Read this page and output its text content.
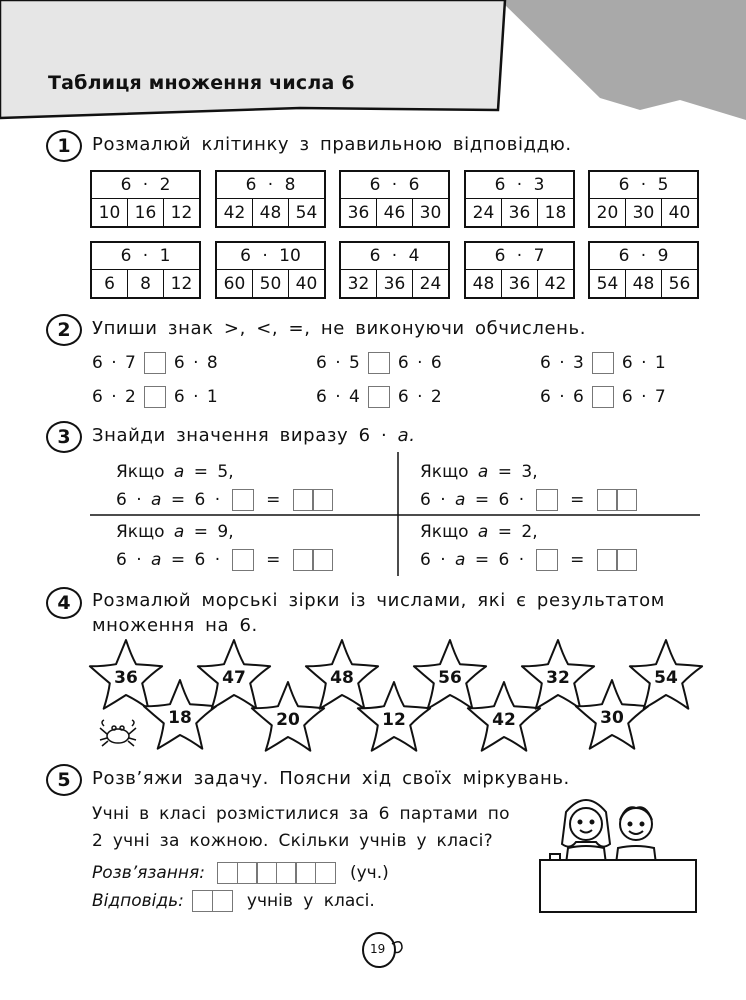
Таблиця множення числа 6
1	Розмалюй клітинку з правильною відповіддю.
6 · 2
10 16 12
6 · 8
42 48 54
6 · 6
36 46 30
6 · 3
24 36 18
6 · 5
20 30 40
6 · 1
6	8	12
6 · 10
60 50 40
6 · 4
32 36 24
6 · 7
48 36 42
6 · 9
54 48 56
2	Упиши знак >, <, =, не виконуючи обчислень.
6 · 7 6 · 8	6 · 5 6 · 6	6 · 3 6 · 1
6 · 2 6 · 1	6 · 4 6 · 2	6 · 6 6 · 7
3	Знайди значення виразу 6 · а.
Якщо а = 5,
6 ·
а
= 6 ·	=
Якщо а = 3,
6 ·
а
= 6 ·	=
Якщо а = 9,
6 ·
а
= 6 ·	=
Якщо а = 2,
6 ·
а
= 6 ·	=
4	Розмалюй морські зірки із числами, які є результатом
множення на 6.
36
18
47
20
48
12
56
42
32
30
54
5	Розв’яжи задачу. Поясни хід своїх міркувань.
Учні в класі розмістилися за 6 партами по
2 учні за кожною. Скільки учнів у класі?
Розв’язання:	(уч.)
Відповідь:	учнів у класі.
19
